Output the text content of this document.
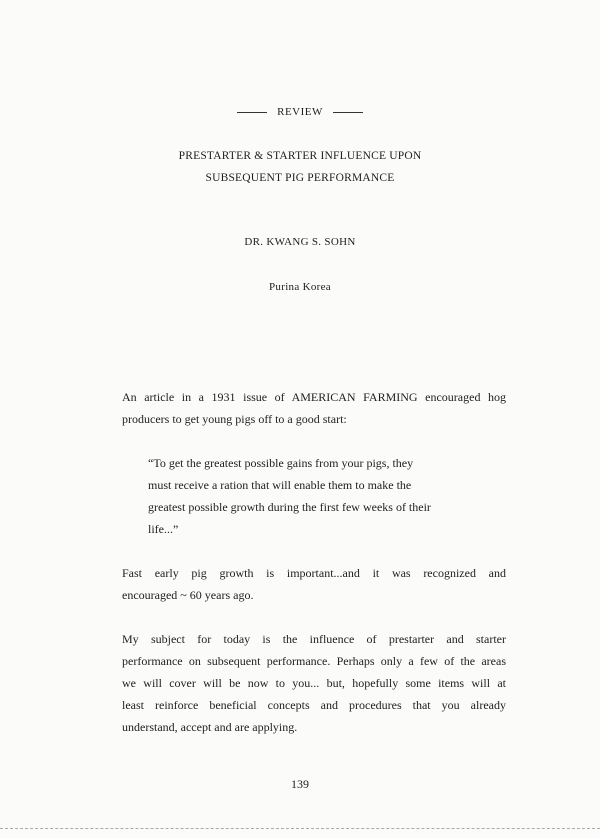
REVIEW
PRESTARTER & STARTER INFLUENCE UPON
SUBSEQUENT PIG PERFORMANCE
DR. KWANG S. SOHN
Purina Korea
An article in a 1931 issue of AMERICAN FARMING encouraged hog
producers to get young pigs off to a good start:
“To get the greatest possible gains from your pigs, they
must receive a ration that will enable them to make the
greatest possible growth during the first few weeks of their
life...”
Fast early pig growth is important...and it was recognized and
encouraged ~ 60 years ago.
My subject for today is the influence of prestarter and starter
performance on subsequent performance. Perhaps only a few of the areas
we will cover will be now to you... but, hopefully some items will at
least reinforce beneficial concepts and procedures that you already
understand, accept and are applying.
139
